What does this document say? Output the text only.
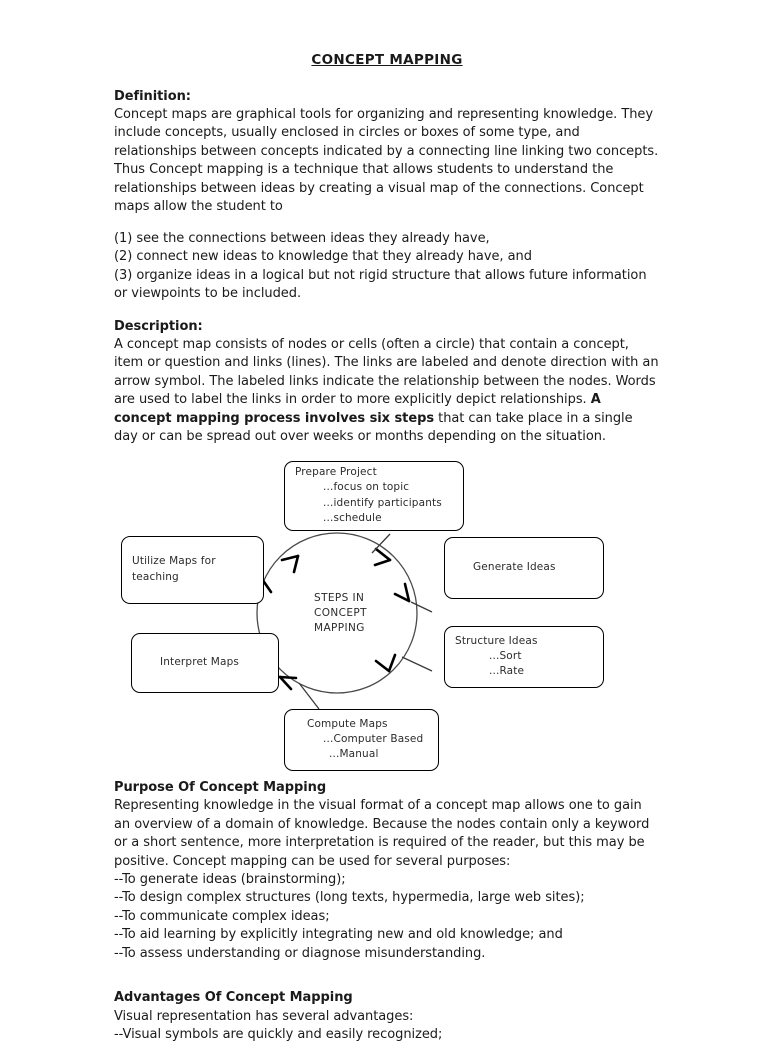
CONCEPT MAPPING
Definition:
Concept maps are graphical tools for organizing and representing knowledge. They include concepts, usually enclosed in circles or boxes of some type, and relationships between concepts indicated by a connecting line linking two concepts. Thus Concept mapping is a technique that allows students to understand the relationships between ideas by creating a visual map of the connections. Concept maps allow the student to
(1) see the connections between ideas they already have,
(2) connect new ideas to knowledge that they already have, and
(3) organize ideas in a logical but not rigid structure that allows future information or viewpoints to be included.
Description:
A concept map consists of nodes or cells (often a circle) that contain a concept, item or question and links (lines). The links are labeled and denote direction with an arrow symbol. The labeled links indicate the relationship between the nodes. Words are used to label the links in order to more explicitly depict relationships. A concept mapping process involves six steps that can take place in a single day or can be spread out over weeks or months depending on the situation.
STEPS IN
CONCEPT
MAPPING
Prepare Project
...focus on topic
...identify participants
...schedule
Generate Ideas
Structure Ideas
...Sort
...Rate
Compute Maps
...Computer Based
...Manual
Interpret Maps
Utilize Maps for
teaching
Purpose Of Concept Mapping
Representing knowledge in the visual format of a concept map allows one to gain an overview of a domain of knowledge. Because the nodes contain only a keyword or a short sentence, more interpretation is required of the reader, but this may be positive. Concept mapping can be used for several purposes:
--To generate ideas (brainstorming);
--To design complex structures (long texts, hypermedia, large web sites);
--To communicate complex ideas;
--To aid learning by explicitly integrating new and old knowledge; and
--To assess understanding or diagnose misunderstanding.
Advantages Of Concept Mapping
Visual representation has several advantages:
--Visual symbols are quickly and easily recognized;
